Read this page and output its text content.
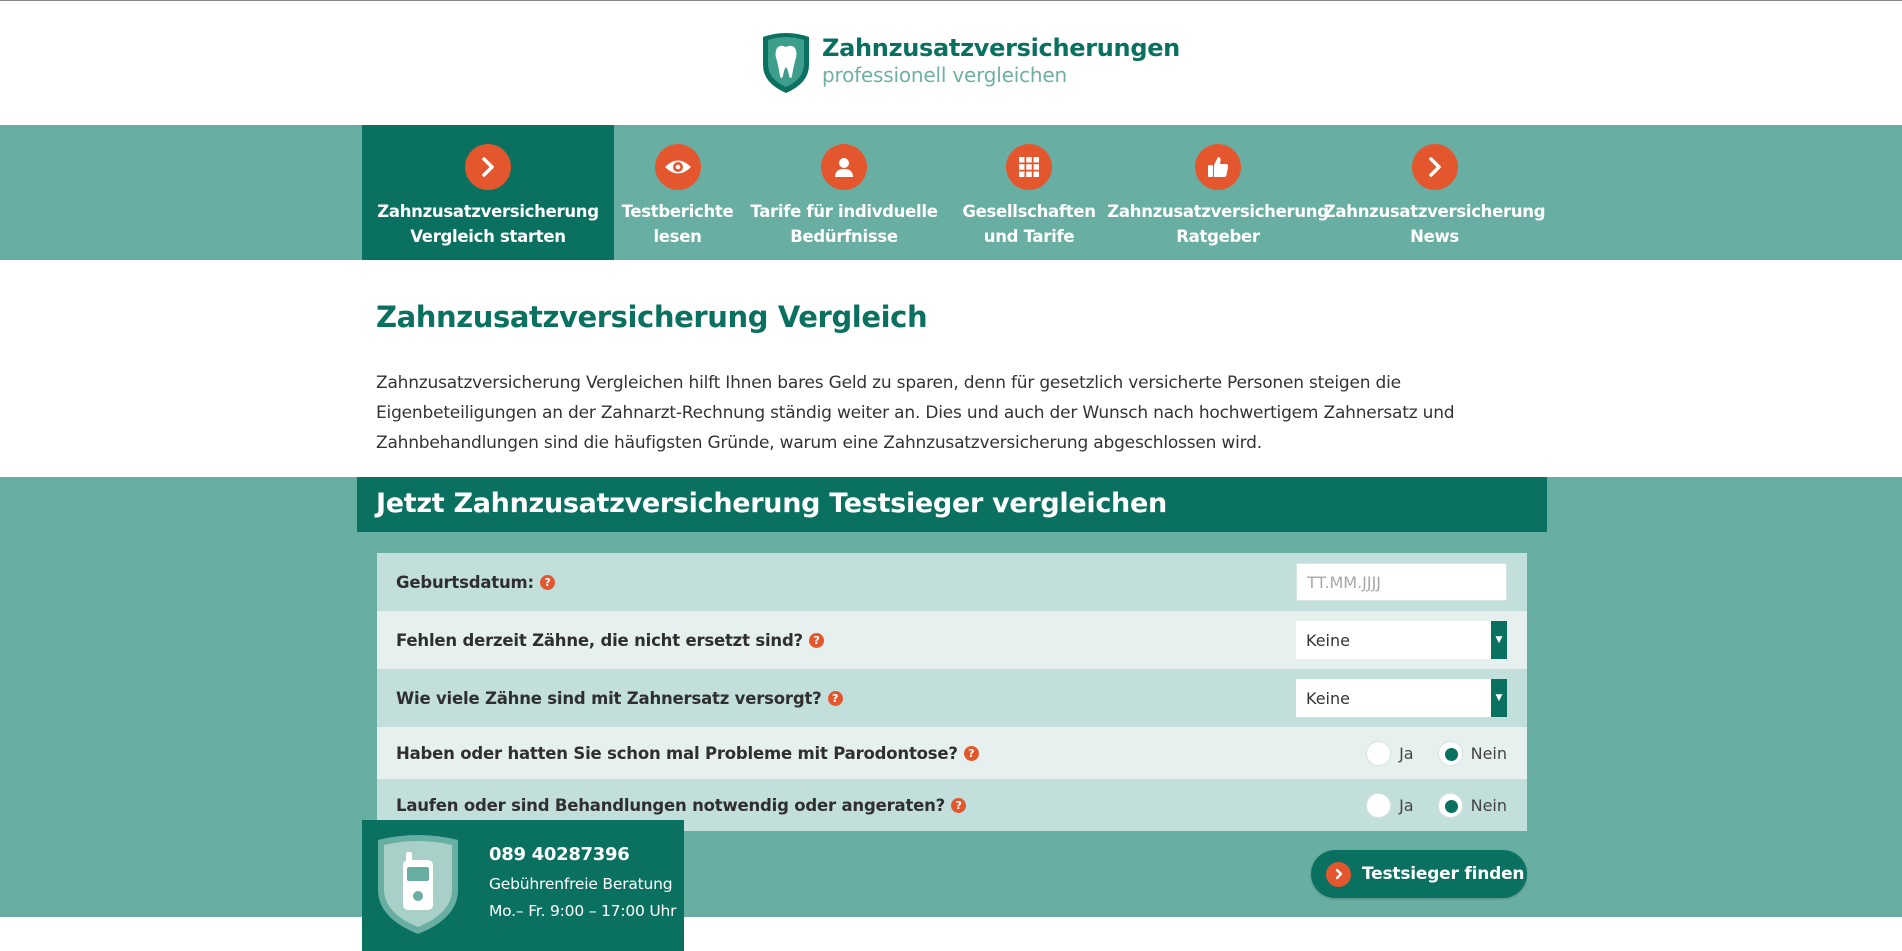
Zahnzusatzversicherungen
professionell vergleichen
Zahnzusatzversicherung
Vergleich starten
Testberichte
lesen
Tarife für indivduelle
Bedürfnisse
Gesellschaften
und Tarife
Zahnzusatzversicherung
Ratgeber
Zahnzusatzversicherung
News
Zahnzusatzversicherung Vergleich

Zahnzusatzversicherung Vergleichen hilft Ihnen bares Geld zu sparen, denn für gesetzlich versicherte Personen steigen die Eigenbeteiligungen an der Zahnarzt-Rechnung ständig weiter an. Dies und auch der Wunsch nach hochwertigem Zahnersatz und Zahnbehandlungen sind die häufigsten Gründe, warum eine Zahnzusatzversicherung abgeschlossen wird.

Jetzt Zahnzusatzversicherung Testsieger vergleichen
Geburtsdatum: ?
TT.MM.JJJJ
Fehlen derzeit Zähne, die nicht ersetzt sind? ?	Keine	▼
Wie viele Zähne sind mit Zahnersatz versorgt? ?	Keine	▼
Haben oder hatten Sie schon mal Probleme mit Parodontose? ?	Ja	Nein
Laufen oder sind Behandlungen notwendig oder angeraten? ?	Ja	Nein
Testsieger finden
089 40287396
Gebührenfreie Beratung
Mo.– Fr. 9:00 – 17:00 Uhr
